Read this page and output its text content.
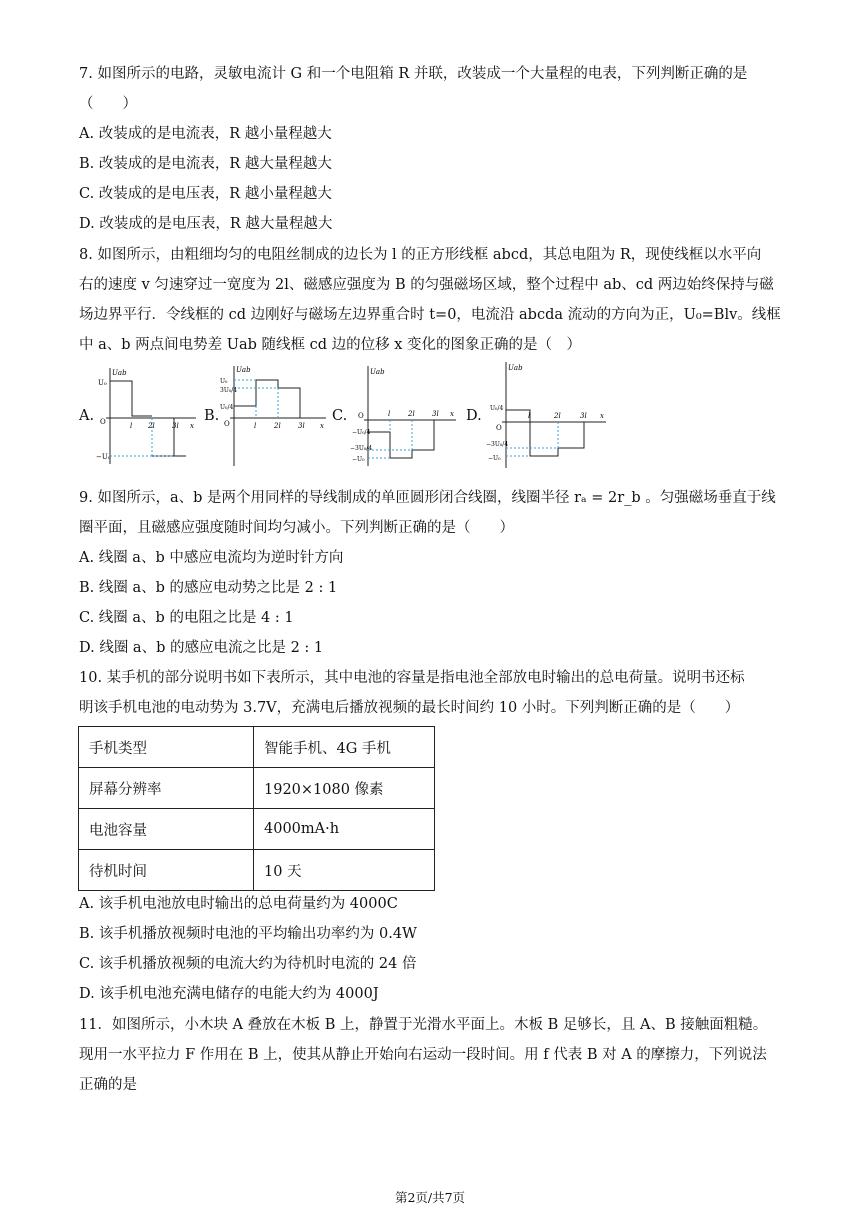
7. 如图所示的电路，灵敏电流计 G 和一个电阻箱 R 并联，改装成一个大量程的电表，下列判断正确的是
（　　）
A. 改装成的是电流表，R 越小量程越大
B. 改装成的是电流表，R 越大量程越大
C. 改装成的是电压表，R 越小量程越大
D. 改装成的是电压表，R 越大量程越大
8. 如图所示，由粗细均匀的电阻丝制成的边长为 l 的正方形线框 abcd，其总电阻为 R，现使线框以水平向
右的速度 v 匀速穿过一宽度为 2l、磁感应强度为 B 的匀强磁场区域，整个过程中 ab、cd 两边始终保持与磁
场边界平行．令线框的 cd 边刚好与磁场左边界重合时 t=0，电流沿 abcda 流动的方向为正，U₀=Blv。线框
中 a、b 两点间电势差 Uab 随线框 cd 边的位移 x 变化的图象正确的是（　）
A.	B.	C.	D.
Uab
U₀
O	l 2l 3l x
−U₀
Uab
U₀
3U₀/4
U₀/4
O	l	2l 3l x
Uab
O
−U₀/4
−3U₀/4
−U₀
l	2l 3l x
Uab
U₀/4
O
−3U₀/4
−U₀
l	2l	3l x
9. 如图所示，a、b 是两个用同样的导线制成的单匝圆形闭合线圈，线圈半径 rₐ = 2r_b 。匀强磁场垂直于线
圈平面，且磁感应强度随时间均匀减小。下列判断正确的是（　　）
A. 线圈 a、b 中感应电流均为逆时针方向
B. 线圈 a、b 的感应电动势之比是 2 : 1
C. 线圈 a、b 的电阻之比是 4 : 1
D. 线圈 a、b 的感应电流之比是 2 : 1
10. 某手机的部分说明书如下表所示，其中电池的容量是指电池全部放电时输出的总电荷量。说明书还标
明该手机电池的电动势为 3.7V，充满电后播放视频的最长时间约 10 小时。下列判断正确的是（　　）
手机类型	智能手机、4G 手机
屏幕分辨率	1920×1080 像素
电池容量	4000mA·h
待机时间	10 天
A. 该手机电池放电时输出的总电荷量约为 4000C
B. 该手机播放视频时电池的平均输出功率约为 0.4W
C. 该手机播放视频的电流大约为待机时电流的 24 倍
D. 该手机电池充满电储存的电能大约为 4000J
11．如图所示，小木块 A 叠放在木板 B 上，静置于光滑水平面上。木板 B 足够长，且 A、B 接触面粗糙。
现用一水平拉力 F 作用在 B 上，使其从静止开始向右运动一段时间。用 f 代表 B 对 A 的摩擦力，下列说法
正确的是
第2页/共7页
